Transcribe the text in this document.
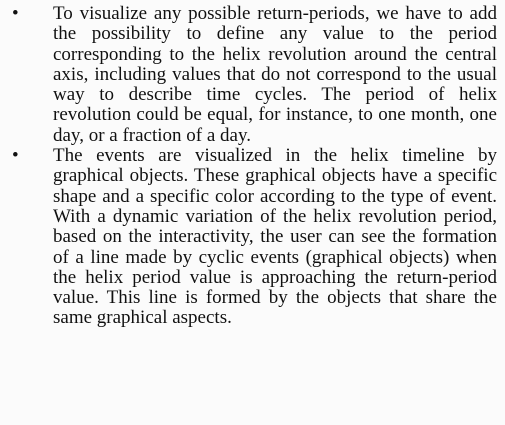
• To visualize any possible return-periods, we have to add the possibility to define any value to the period corresponding to the helix revolution around the central axis, including values that do not correspond to the usual way to describe time cycles. The period of helix revolution could be equal, for instance, to one month, one day, or a fraction of a day.

• The events are visualized in the helix timeline by graphical objects. These graphical objects have a specific shape and a specific color according to the type of event. With a dynamic variation of the helix revolution period, based on the interactivity, the user can see the formation of a line made by cyclic events (graphical objects) when the helix period value is approaching the return-period value. This line is formed by the objects that share the same graphical aspects.
